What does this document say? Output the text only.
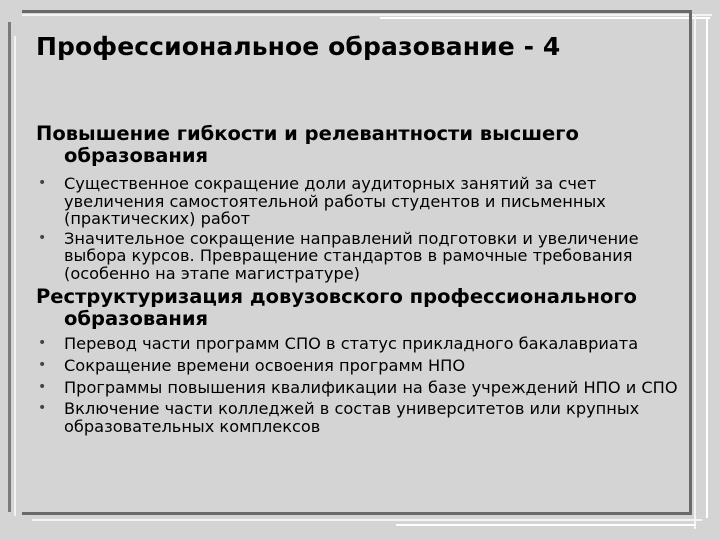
Профессиональное образование - 4

Повышение гибкости и релевантности высшего образования

• Существенное сокращение доли аудиторных занятий за счет увеличения самостоятельной работы студентов и письменных (практических) работ
• Значительное сокращение направлений подготовки и увеличение выбора курсов. Превращение стандартов в рамочные требования (особенно на этапе магистратуре)

Реструктуризация довузовского профессионального образования

• Перевод части программ СПО в статус прикладного бакалавриата
• Сокращение времени освоения программ НПО
• Программы повышения квалификации на базе учреждений НПО и СПО
• Включение части колледжей в состав университетов или крупных образовательных комплексов
